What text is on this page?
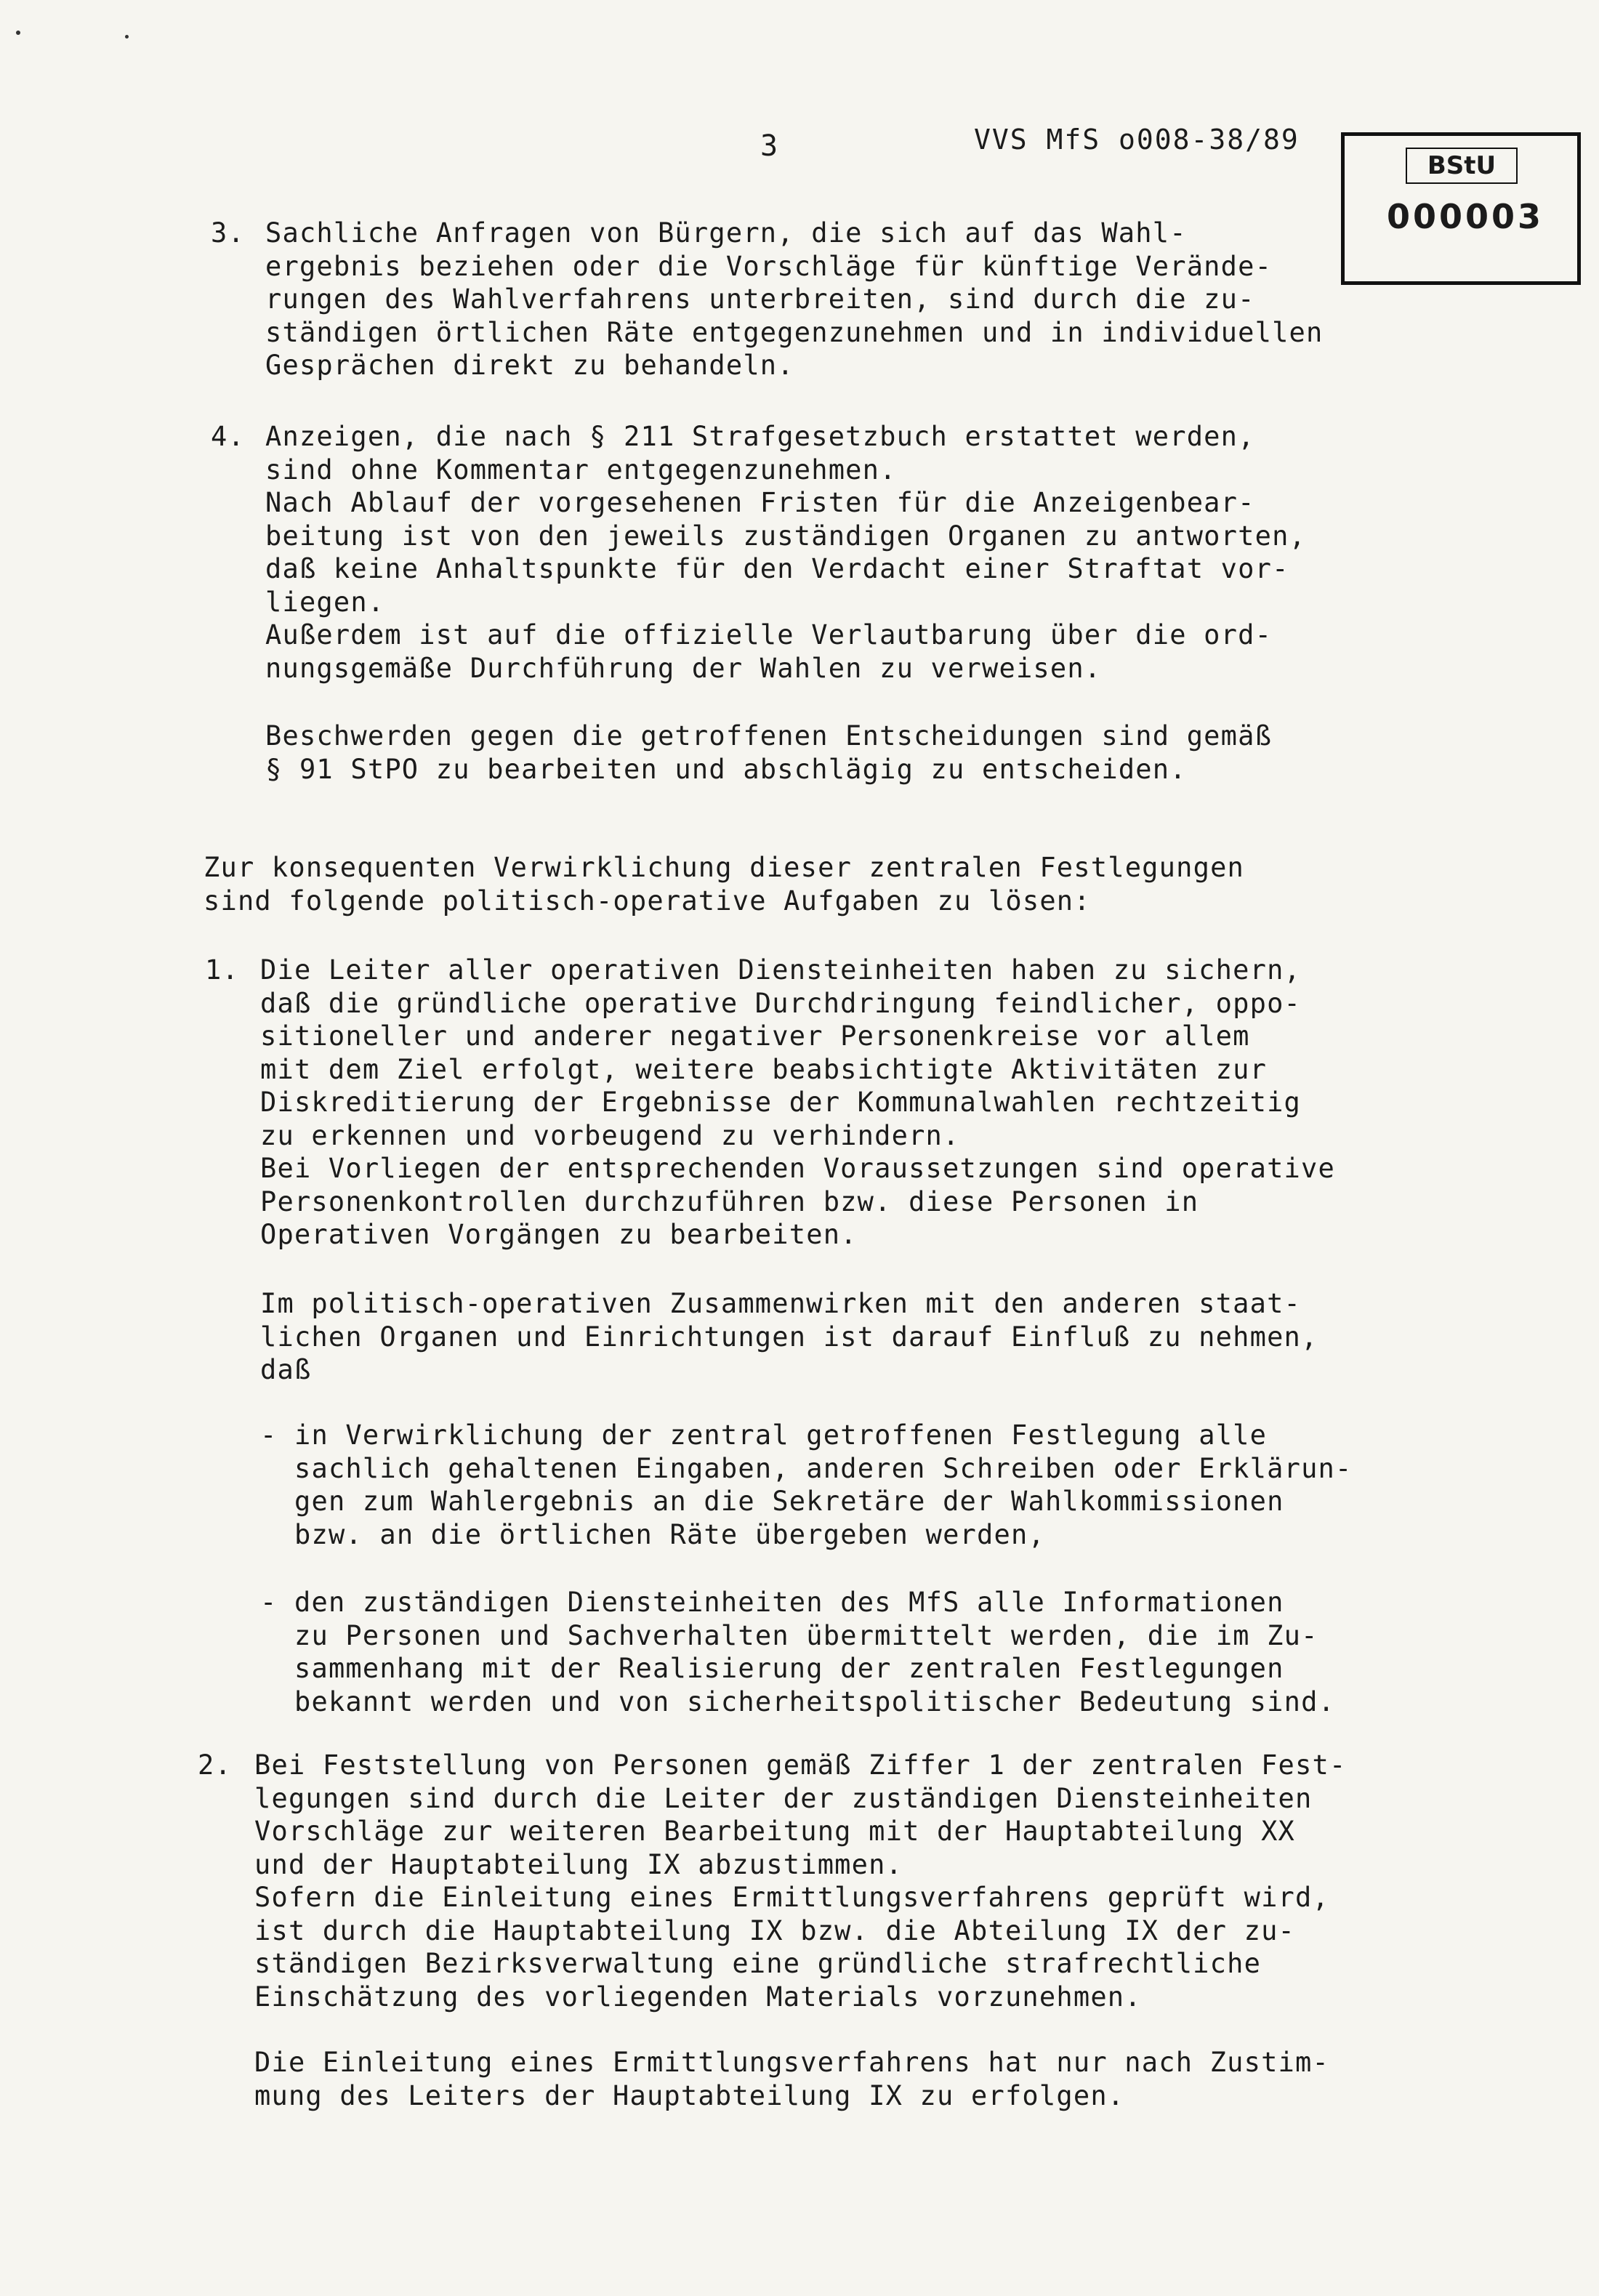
3	VVS MfS o008-38/89
BStU
000003
3. Sachliche Anfragen von Bürgern, die sich auf das Wahl-
ergebnis beziehen oder die Vorschläge für künftige Verände-
rungen des Wahlverfahrens unterbreiten, sind durch die zu-
ständigen örtlichen Räte entgegenzunehmen und in individuellen
Gesprächen direkt zu behandeln.
4. Anzeigen, die nach § 211 Strafgesetzbuch erstattet werden,
sind ohne Kommentar entgegenzunehmen.
Nach Ablauf der vorgesehenen Fristen für die Anzeigenbear-
beitung ist von den jeweils zuständigen Organen zu antworten,
daß keine Anhaltspunkte für den Verdacht einer Straftat vor-
liegen.
Außerdem ist auf die offizielle Verlautbarung über die ord-
nungsgemäße Durchführung der Wahlen zu verweisen.
Beschwerden gegen die getroffenen Entscheidungen sind gemäß
§ 91 StPO zu bearbeiten und abschlägig zu entscheiden.
Zur konsequenten Verwirklichung dieser zentralen Festlegungen
sind folgende politisch-operative Aufgaben zu lösen:
1. Die Leiter aller operativen Diensteinheiten haben zu sichern,
daß die gründliche operative Durchdringung feindlicher, oppo-
sitioneller und anderer negativer Personenkreise vor allem
mit dem Ziel erfolgt, weitere beabsichtigte Aktivitäten zur
Diskreditierung der Ergebnisse der Kommunalwahlen rechtzeitig
zu erkennen und vorbeugend zu verhindern.
Bei Vorliegen der entsprechenden Voraussetzungen sind operative
Personenkontrollen durchzuführen bzw. diese Personen in
Operativen Vorgängen zu bearbeiten.
Im politisch-operativen Zusammenwirken mit den anderen staat-
lichen Organen und Einrichtungen ist darauf Einfluß zu nehmen,
daß
- in Verwirklichung der zentral getroffenen Festlegung alle
sachlich gehaltenen Eingaben, anderen Schreiben oder Erklärun-
gen zum Wahlergebnis an die Sekretäre der Wahlkommissionen
bzw. an die örtlichen Räte übergeben werden,
- den zuständigen Diensteinheiten des MfS alle Informationen
zu Personen und Sachverhalten übermittelt werden, die im Zu-
sammenhang mit der Realisierung der zentralen Festlegungen
bekannt werden und von sicherheitspolitischer Bedeutung sind.
2. Bei Feststellung von Personen gemäß Ziffer 1 der zentralen Fest-
legungen sind durch die Leiter der zuständigen Diensteinheiten
Vorschläge zur weiteren Bearbeitung mit der Hauptabteilung XX
und der Hauptabteilung IX abzustimmen.
Sofern die Einleitung eines Ermittlungsverfahrens geprüft wird,
ist durch die Hauptabteilung IX bzw. die Abteilung IX der zu-
ständigen Bezirksverwaltung eine gründliche strafrechtliche
Einschätzung des vorliegenden Materials vorzunehmen.
Die Einleitung eines Ermittlungsverfahrens hat nur nach Zustim-
mung des Leiters der Hauptabteilung IX zu erfolgen.
